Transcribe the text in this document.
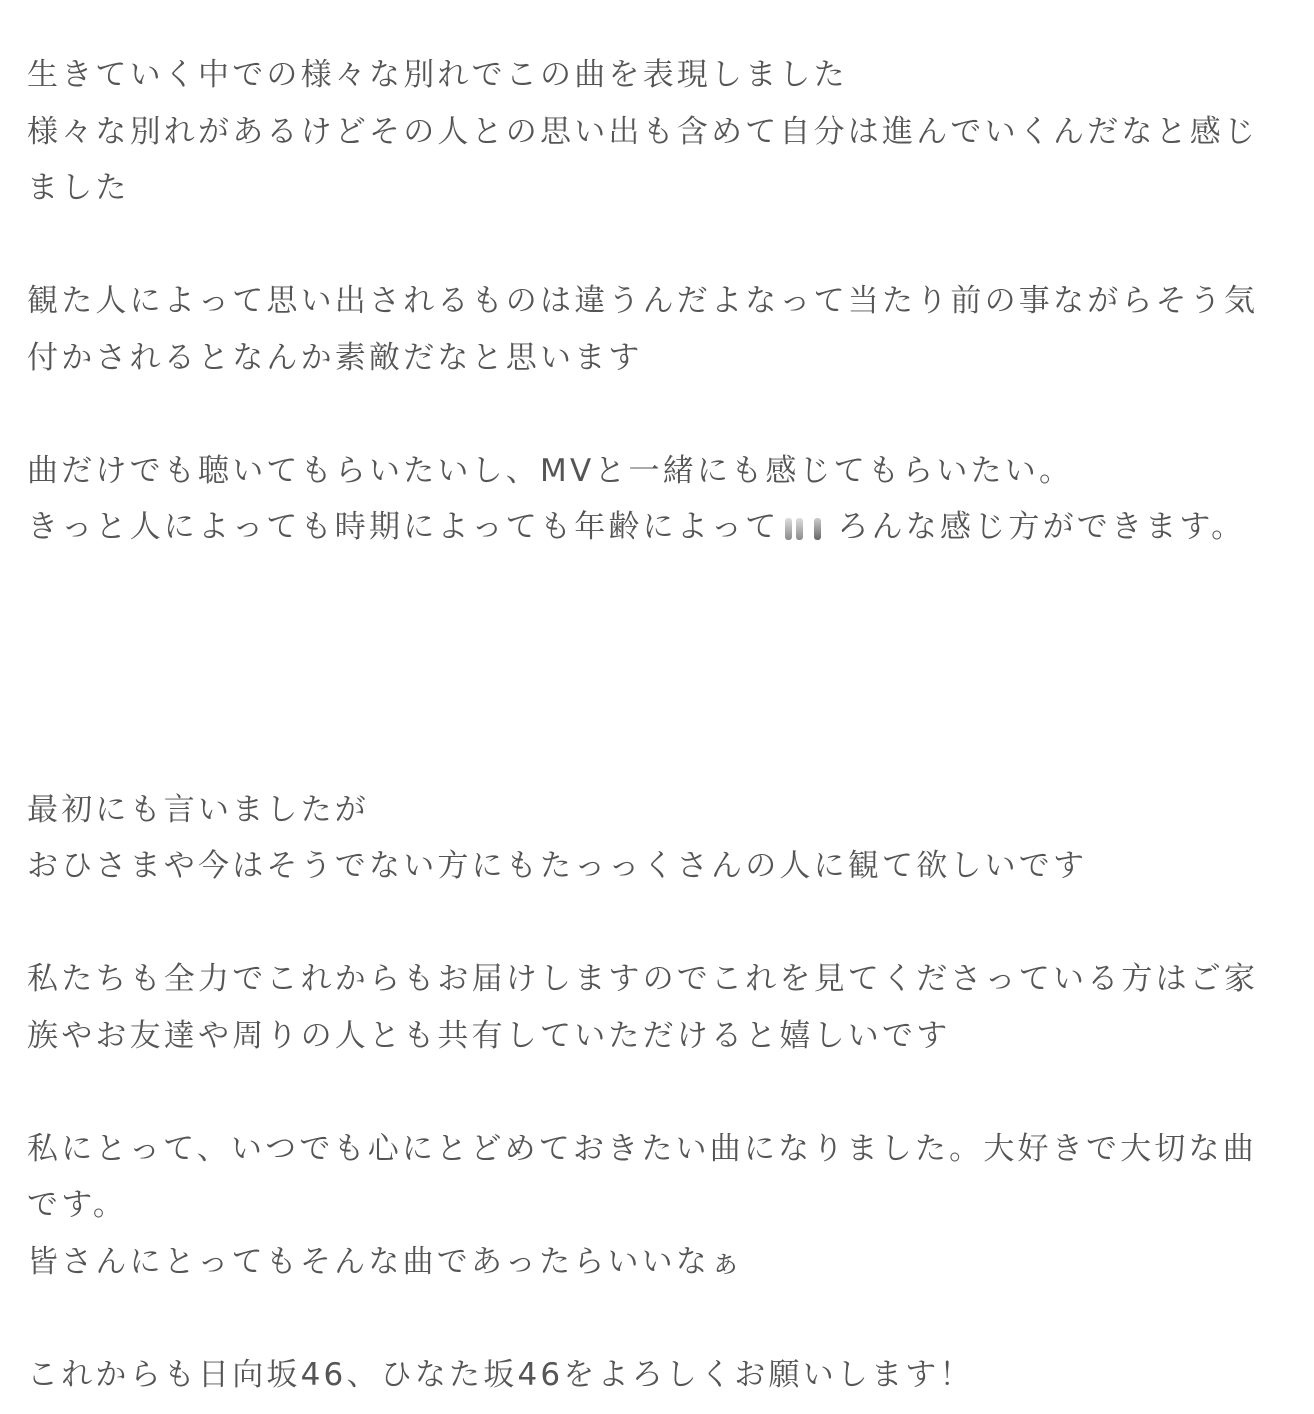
生きていく中での様々な別れでこの曲を表現しました
様々な別れがあるけどその人との思い出も含めて自分は進んでいくんだなと感じ
ました
観た人によって思い出されるものは違うんだよなって当たり前の事ながらそう気
付かされるとなんか素敵だなと思います
曲だけでも聴いてもらいたいし、MVと一緒にも感じてもらいたい。
きっと人によっても時期によっても年齢によって ろんな感じ方ができます。
最初にも言いましたが
おひさまや今はそうでない方にもたっっくさんの人に観て欲しいです
私たちも全力でこれからもお届けしますのでこれを見てくださっている方はご家
族やお友達や周りの人とも共有していただけると嬉しいです
私にとって、いつでも心にとどめておきたい曲になりました。大好きで大切な曲
です。
皆さんにとってもそんな曲であったらいいなぁ
これからも日向坂46、ひなた坂46をよろしくお願いします！
